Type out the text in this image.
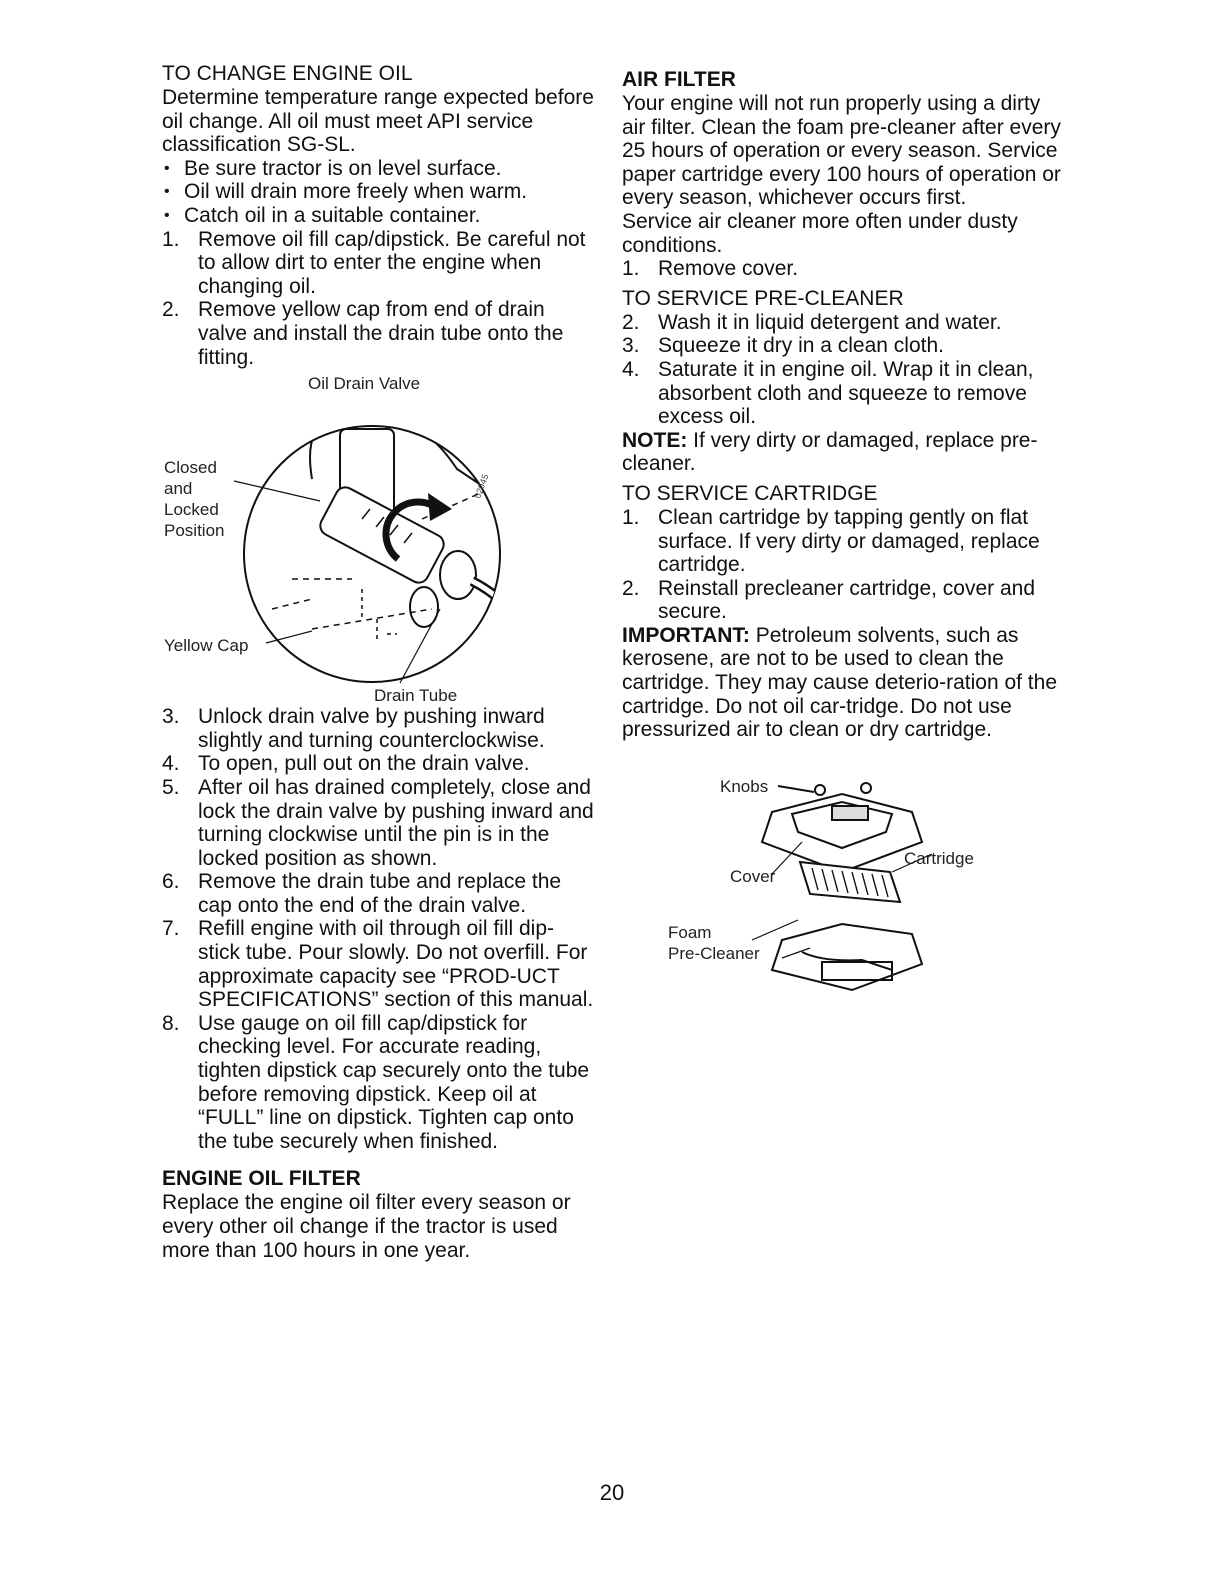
TO CHANGE ENGINE OIL

Determine temperature range expected before oil change. All oil must meet API service classification SG-SL.

• Be sure tractor is on level surface.
• Oil will drain more freely when warm.
• Catch oil in a suitable container.
1. Remove oil fill cap/dipstick. Be careful not to allow dirt to enter the engine when changing oil.
2. Remove yellow cap from end of drain valve and install the drain tube onto the fitting.
Oil Drain Valve
Closed
and
Locked
Position
Yellow Cap
Drain Tube
02045
3. Unlock drain valve by pushing inward slightly and turning counterclockwise.
4. To open, pull out on the drain valve.
5. After oil has drained completely, close and lock the drain valve by pushing inward and turning clockwise until the pin is in the locked position as shown.
6. Remove the drain tube and replace the cap onto the end of the drain valve.
7. Refill engine with oil through oil fill dip-stick tube. Pour slowly. Do not overfill. For approximate capacity see “PROD-UCT SPECIFICATIONS” section of this manual.
8. Use gauge on oil fill cap/dipstick for checking level. For accurate reading, tighten dipstick cap securely onto the tube before removing dipstick. Keep oil at “FULL” line on dipstick. Tighten cap onto the tube securely when finished.
ENGINE OIL FILTER

Replace the engine oil filter every season or every other oil change if the tractor is used more than 100 hours in one year.

AIR FILTER

Your engine will not run properly using a dirty air filter. Clean the foam pre-cleaner after every 25 hours of operation or every season. Service paper cartridge every 100 hours of operation or every season, whichever occurs first.

Service air cleaner more often under dusty conditions.

1. Remove cover.
TO SERVICE PRE-CLEANER
2. Wash it in liquid detergent and water.
3. Squeeze it dry in a clean cloth.
4. Saturate it in engine oil. Wrap it in clean, absorbent cloth and squeeze to remove excess oil.

NOTE: If very dirty or damaged, replace pre-cleaner.

TO SERVICE CARTRIDGE
1. Clean cartridge by tapping gently on flat surface. If very dirty or damaged, replace cartridge.
2. Reinstall precleaner cartridge, cover and secure.

IMPORTANT: Petroleum solvents, such as kerosene, are not to be used to clean the cartridge. They may cause deterio-ration of the cartridge. Do not oil car-tridge. Do not use pressurized air to clean or dry cartridge.

Knobs
Cartridge
Cover
Foam
Pre-Cleaner
20
